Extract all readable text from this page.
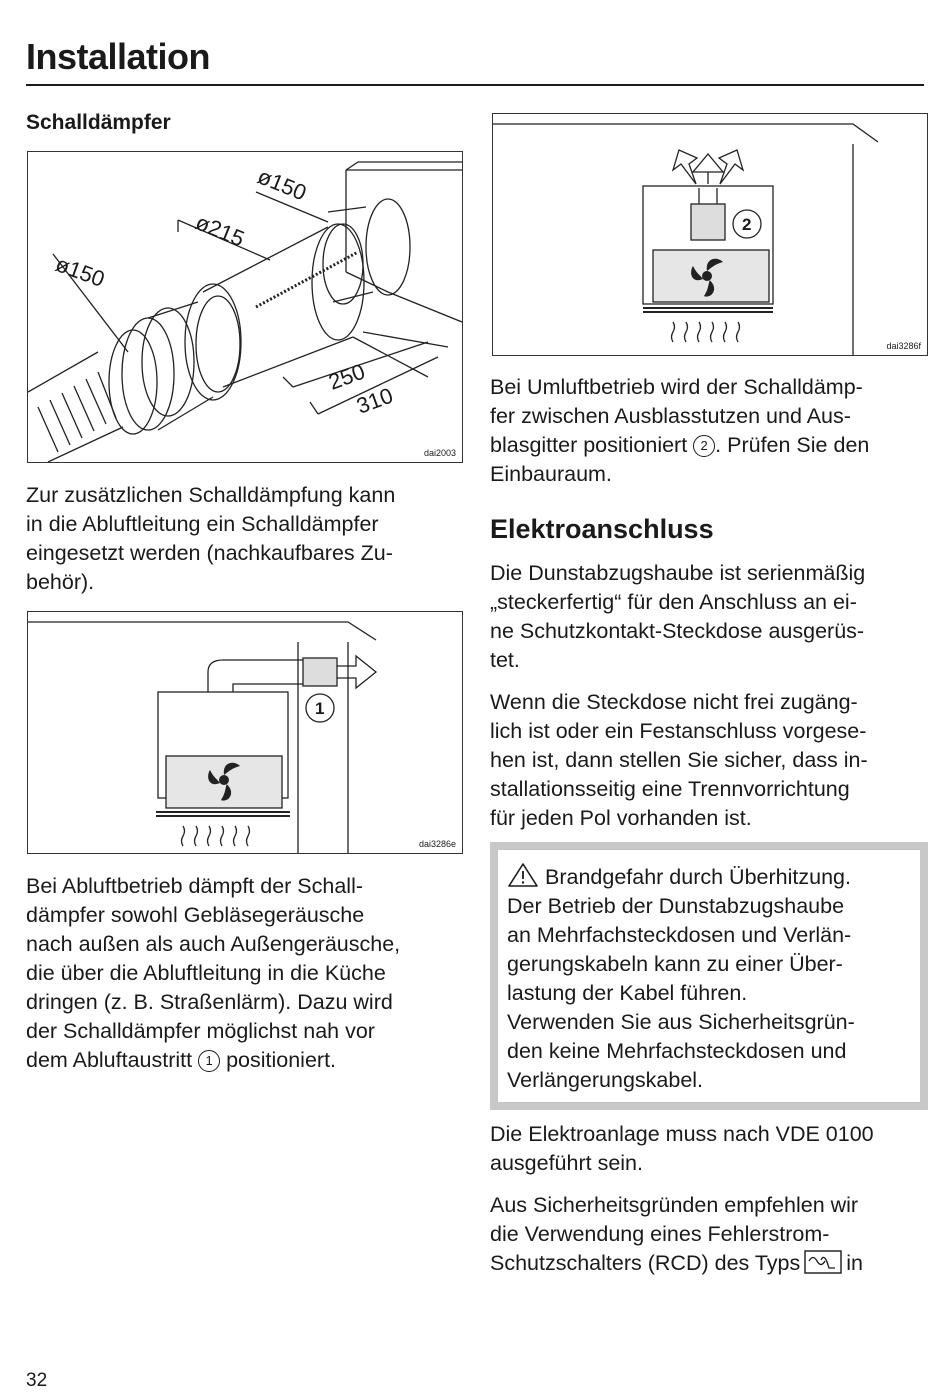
Installation
Schalldämpfer
ø150
ø215
ø150
250
310
dai2003

Zur zusätzlichen Schalldämpfung kann

in die Abluftleitung ein Schalldämpfer

eingesetzt werden (nachkaufbares Zu-

behör).

1
dai3286e

Bei Abluftbetrieb dämpft der Schall-

dämpfer sowohl Gebläsegeräusche

nach außen als auch Außengeräusche,

die über die Abluftleitung in die Küche

dringen (z. B. Straßenlärm). Dazu wird

der Schalldämpfer möglichst nah vor

dem Abluftaustritt 1 positioniert.

2
dai3286f

Bei Umluftbetrieb wird der Schalldämp-

fer zwischen Ausblasstutzen und Aus-

blasgitter positioniert 2 . Prüfen Sie den

Einbauraum.

Elektroanschluss

Die Dunstabzugshaube ist serienmäßig

„steckerfertig“ für den Anschluss an ei-

ne Schutzkontakt-Steckdose ausgerüs-

tet.

Wenn die Steckdose nicht frei zugäng-

lich ist oder ein Festanschluss vorgese-

hen ist, dann stellen Sie sicher, dass in-

stallationsseitig eine Trennvorrichtung

für jeden Pol vorhanden ist.

Brandgefahr durch Überhitzung.

Der Betrieb der Dunstabzugshaube

an Mehrfachsteckdosen und Verlän-

gerungskabeln kann zu einer Über-

lastung der Kabel führen.

Verwenden Sie aus Sicherheitsgrün-

den keine Mehrfachsteckdosen und

Verlängerungskabel.

Die Elektroanlage muss nach VDE 0100

ausgeführt sein.

Aus Sicherheitsgründen empfehlen wir

die Verwendung eines Fehlerstrom-

Schutzschalters (RCD) des Typs in

32
